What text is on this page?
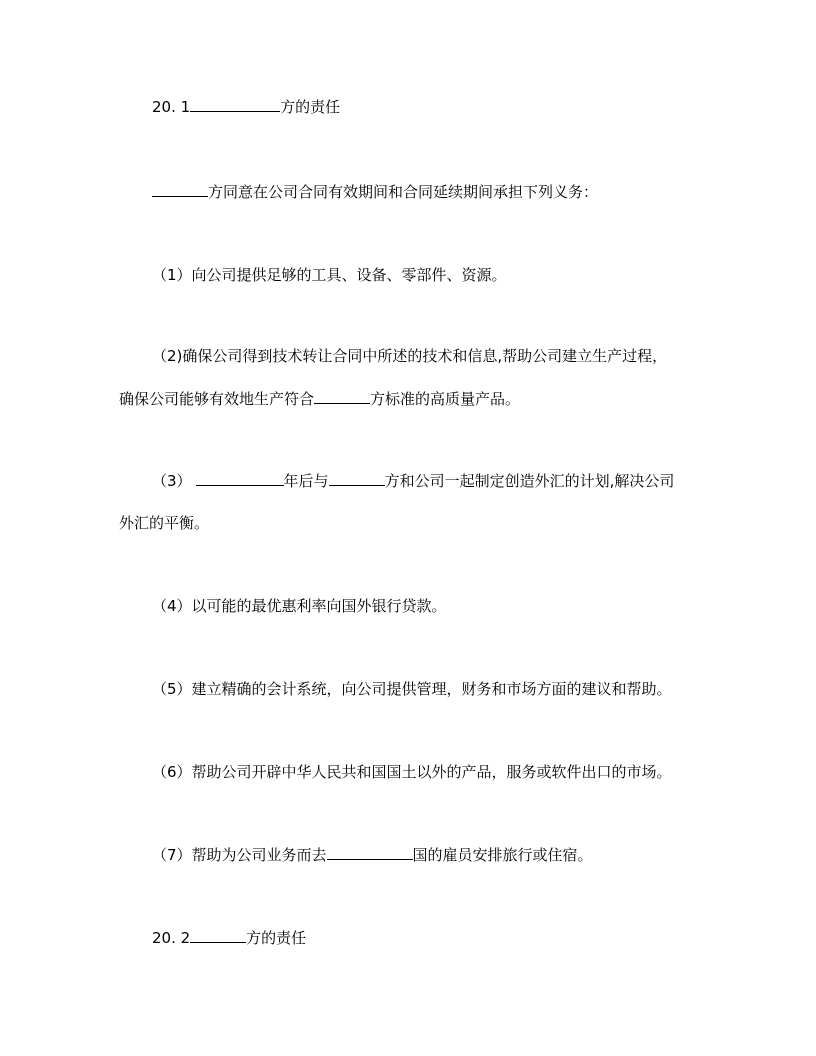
20. 1	方的责任
方同意在公司合同有效期间和合同延续期间承担下列义务：
（1）向公司提供足够的工具、设备、零部件、资源。
（2)确保公司得到技术转让合同中所述的技术和信息,帮助公司建立生产过程，
确保公司能够有效地生产符合	方标准的高质量产品。
（3）	年后与	方和公司一起制定创造外汇的计划,解决公司
外汇的平衡。
（4）以可能的最优惠利率向国外银行贷款。
（5）建立精确的会计系统，向公司提供管理，财务和市场方面的建议和帮助。
（6）帮助公司开辟中华人民共和国国土以外的产品，服务或软件出口的市场。
（7）帮助为公司业务而去	国的雇员安排旅行或住宿。
20. 2	方的责任
